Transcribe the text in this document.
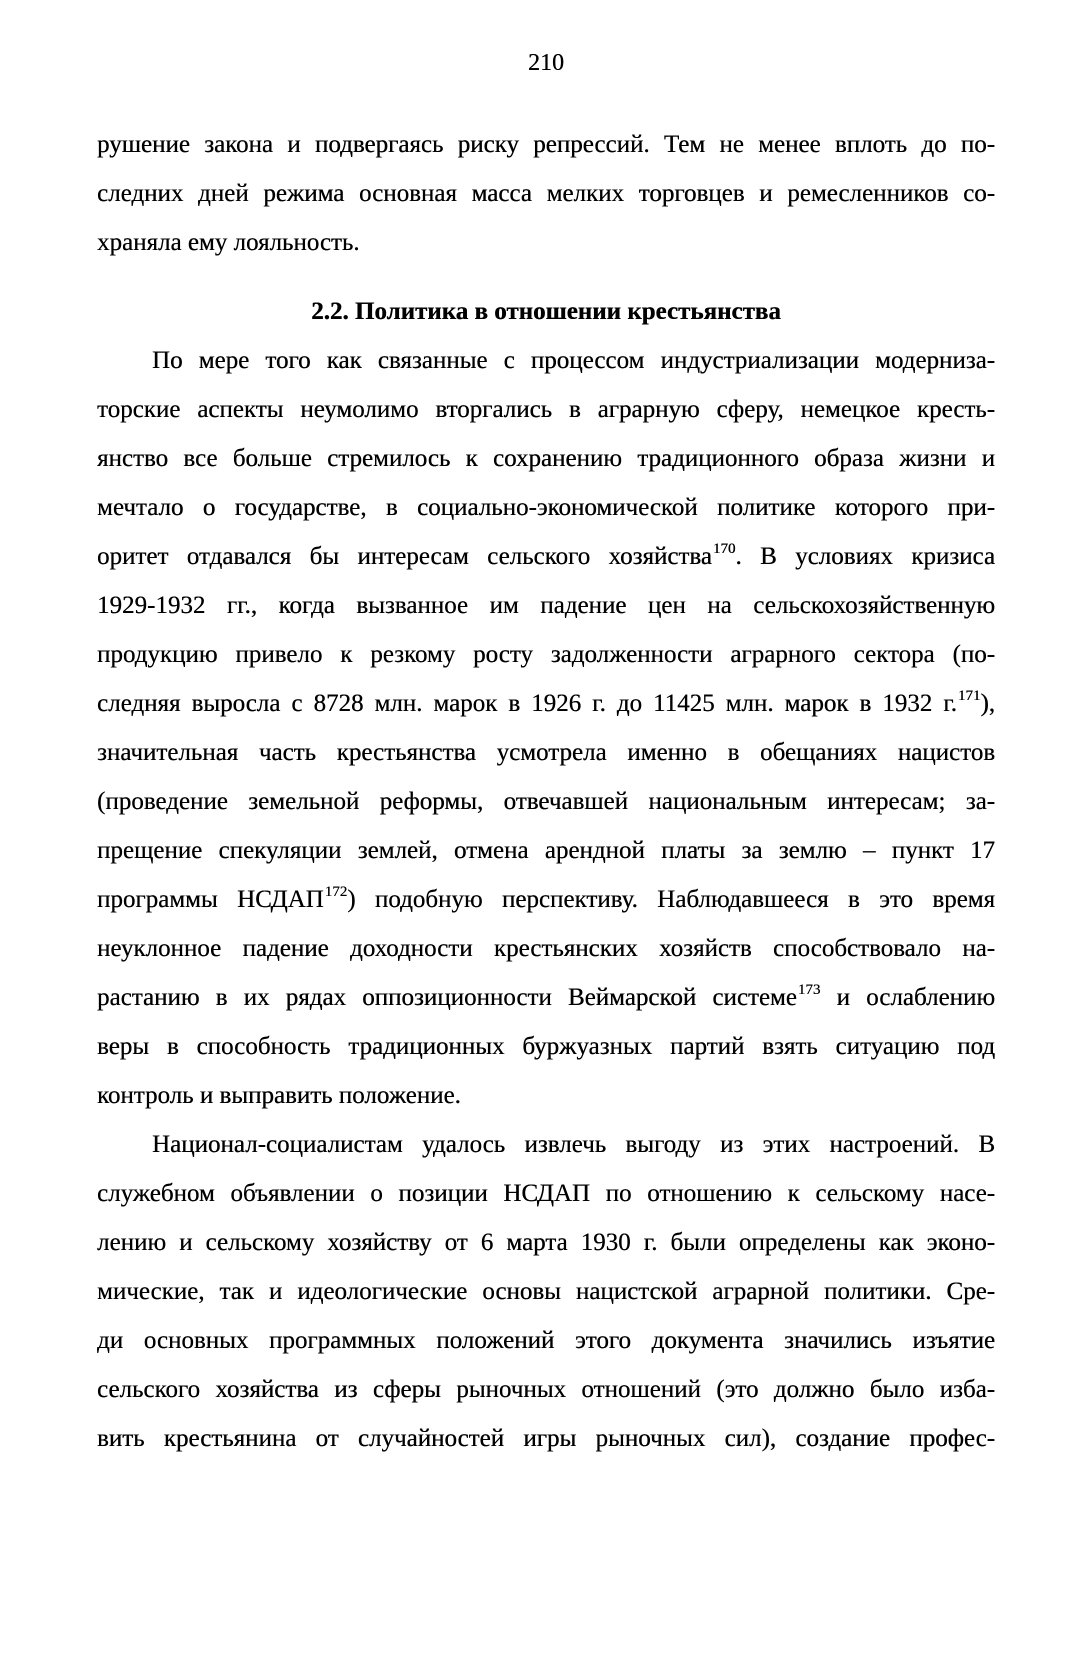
210
рушение закона и подвергаясь риску репрессий. Тем не менее вплоть до по-
следних дней режима основная масса мелких торговцев и ремесленников со-
храняла ему лояльность.
2.2. Политика в отношении крестьянства
По мере того как связанные с процессом индустриализации модерниза-
торские аспекты неумолимо вторгались в аграрную сферу, немецкое кресть-
янство все больше стремилось к сохранению традиционного образа жизни и
мечтало о государстве, в социально-экономической политике которого при-
оритет отдавался бы интересам сельского хозяйства$^{170}$. В условиях кризиса
1929-1932 гг., когда вызванное им падение цен на сельскохозяйственную
продукцию привело к резкому росту задолженности аграрного сектора (по-
следняя выросла с 8728 млн. марок в 1926 г. до 11425 млн. марок в 1932 г.$^{171}$),
значительная часть крестьянства усмотрела именно в обещаниях нацистов
(проведение земельной реформы, отвечавшей национальным интересам; за-
прещение спекуляции землей, отмена арендной платы за землю – пункт 17
программы НСДАП$^{172}$) подобную перспективу. Наблюдавшееся в это время
неуклонное падение доходности крестьянских хозяйств способствовало на-
растанию в их рядах оппозиционности Веймарской системе$^{173}$ и ослаблению
веры в способность традиционных буржуазных партий взять ситуацию под
контроль и выправить положение.
Национал-социалистам удалось извлечь выгоду из этих настроений. В
служебном объявлении о позиции НСДАП по отношению к сельскому насе-
лению и сельскому хозяйству от 6 марта 1930 г. были определены как эконо-
мические, так и идеологические основы нацистской аграрной политики. Сре-
ди основных программных положений этого документа значились изъятие
сельского хозяйства из сферы рыночных отношений (это должно было изба-
вить крестьянина от случайностей игры рыночных сил), создание профес-
